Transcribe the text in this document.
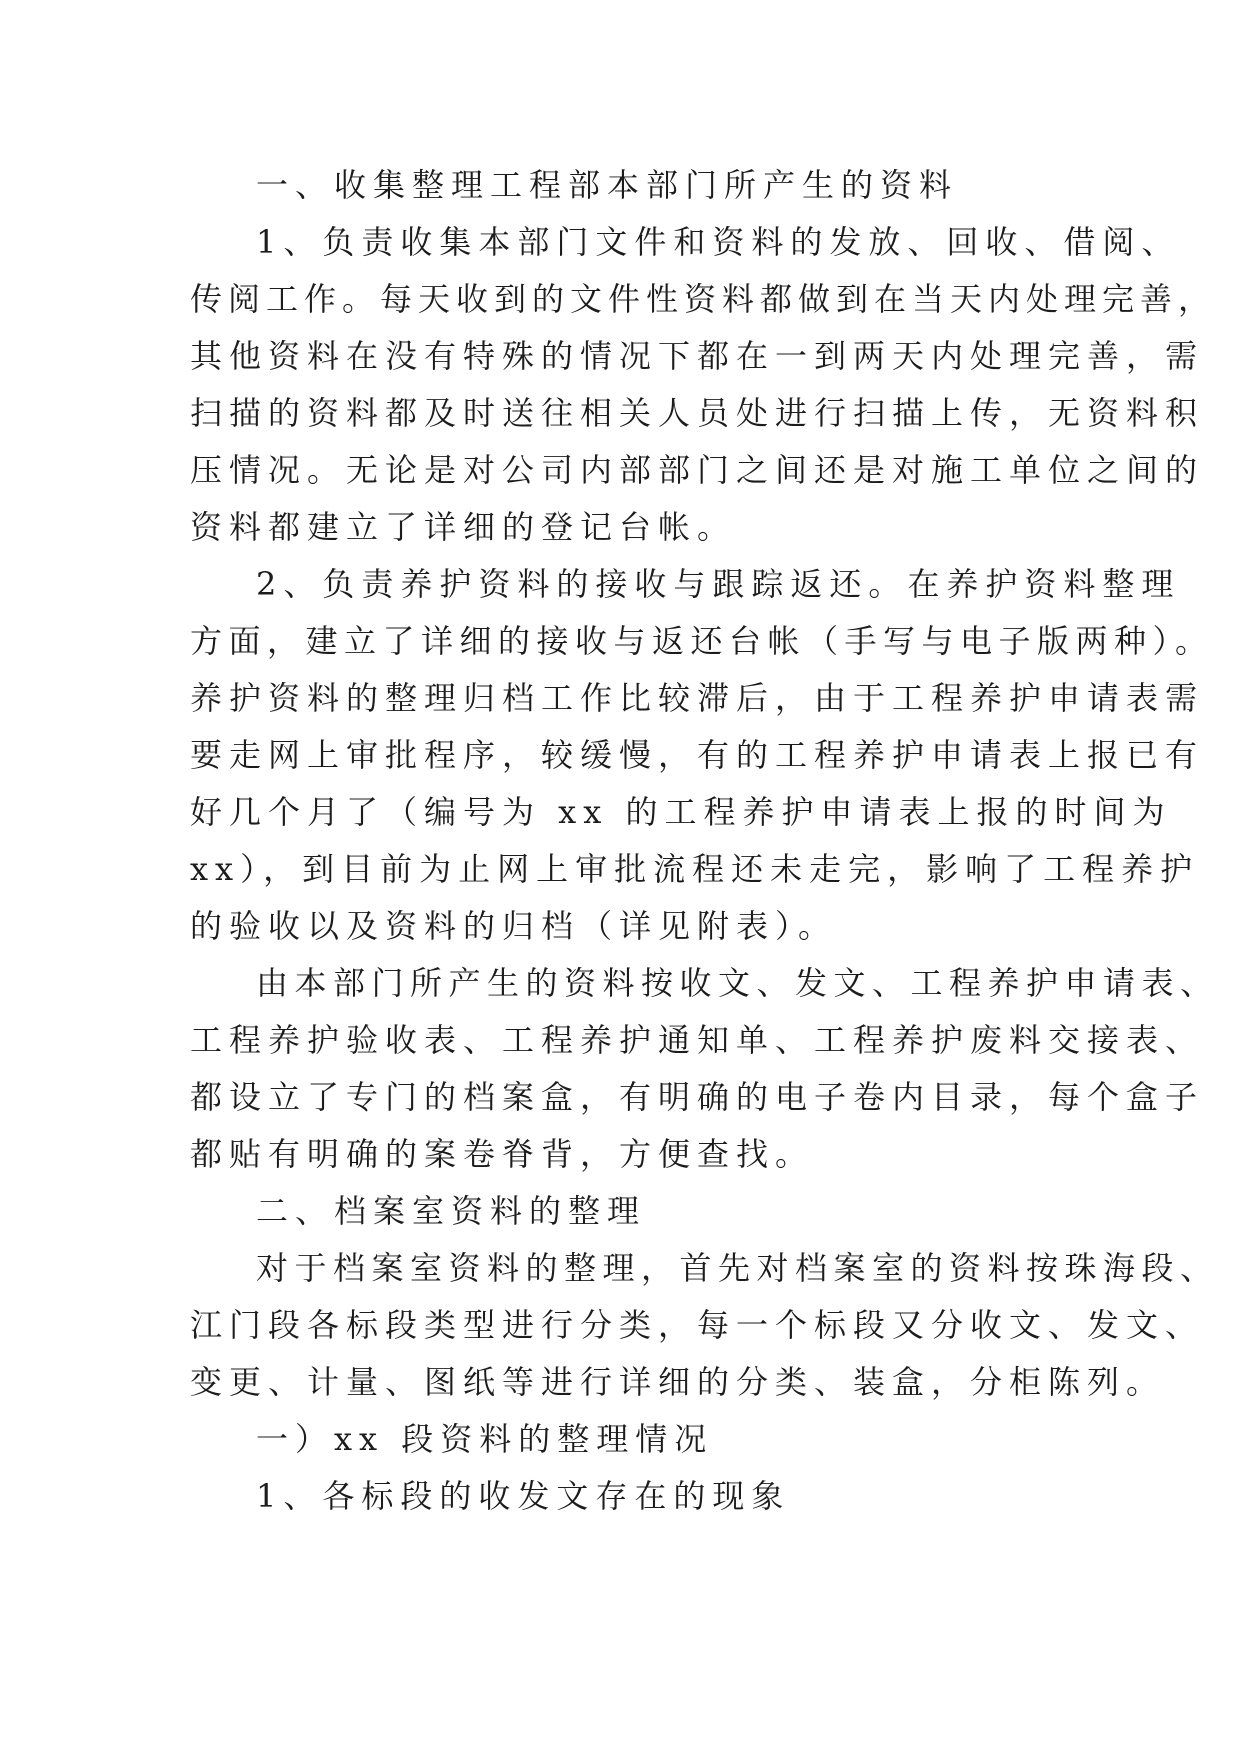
一、收集整理工程部本部门所产生的资料

1、负责收集本部门文件和资料的发放、回收、借阅、

传阅工作。每天收到的文件性资料都做到在当天内处理完善，

其他资料在没有特殊的情况下都在一到两天内处理完善，需

扫描的资料都及时送往相关人员处进行扫描上传，无资料积

压情况。无论是对公司内部部门之间还是对施工单位之间的

资料都建立了详细的登记台帐。

2、负责养护资料的接收与跟踪返还。在养护资料整理

方面，建立了详细的接收与返还台帐（手写与电子版两种）。

养护资料的整理归档工作比较滞后，由于工程养护申请表需

要走网上审批程序，较缓慢，有的工程养护申请表上报已有

好几个月了（编号为 xx 的工程养护申请表上报的时间为

xx），到目前为止网上审批流程还未走完，影响了工程养护

的验收以及资料的归档（详见附表）。

由本部门所产生的资料按收文、发文、工程养护申请表、

工程养护验收表、工程养护通知单、工程养护废料交接表、

都设立了专门的档案盒，有明确的电子卷内目录，每个盒子

都贴有明确的案卷脊背，方便查找。

二、档案室资料的整理

对于档案室资料的整理，首先对档案室的资料按珠海段、

江门段各标段类型进行分类，每一个标段又分收文、发文、

变更、计量、图纸等进行详细的分类、装盒，分柜陈列。

一）xx 段资料的整理情况

1、各标段的收发文存在的现象
